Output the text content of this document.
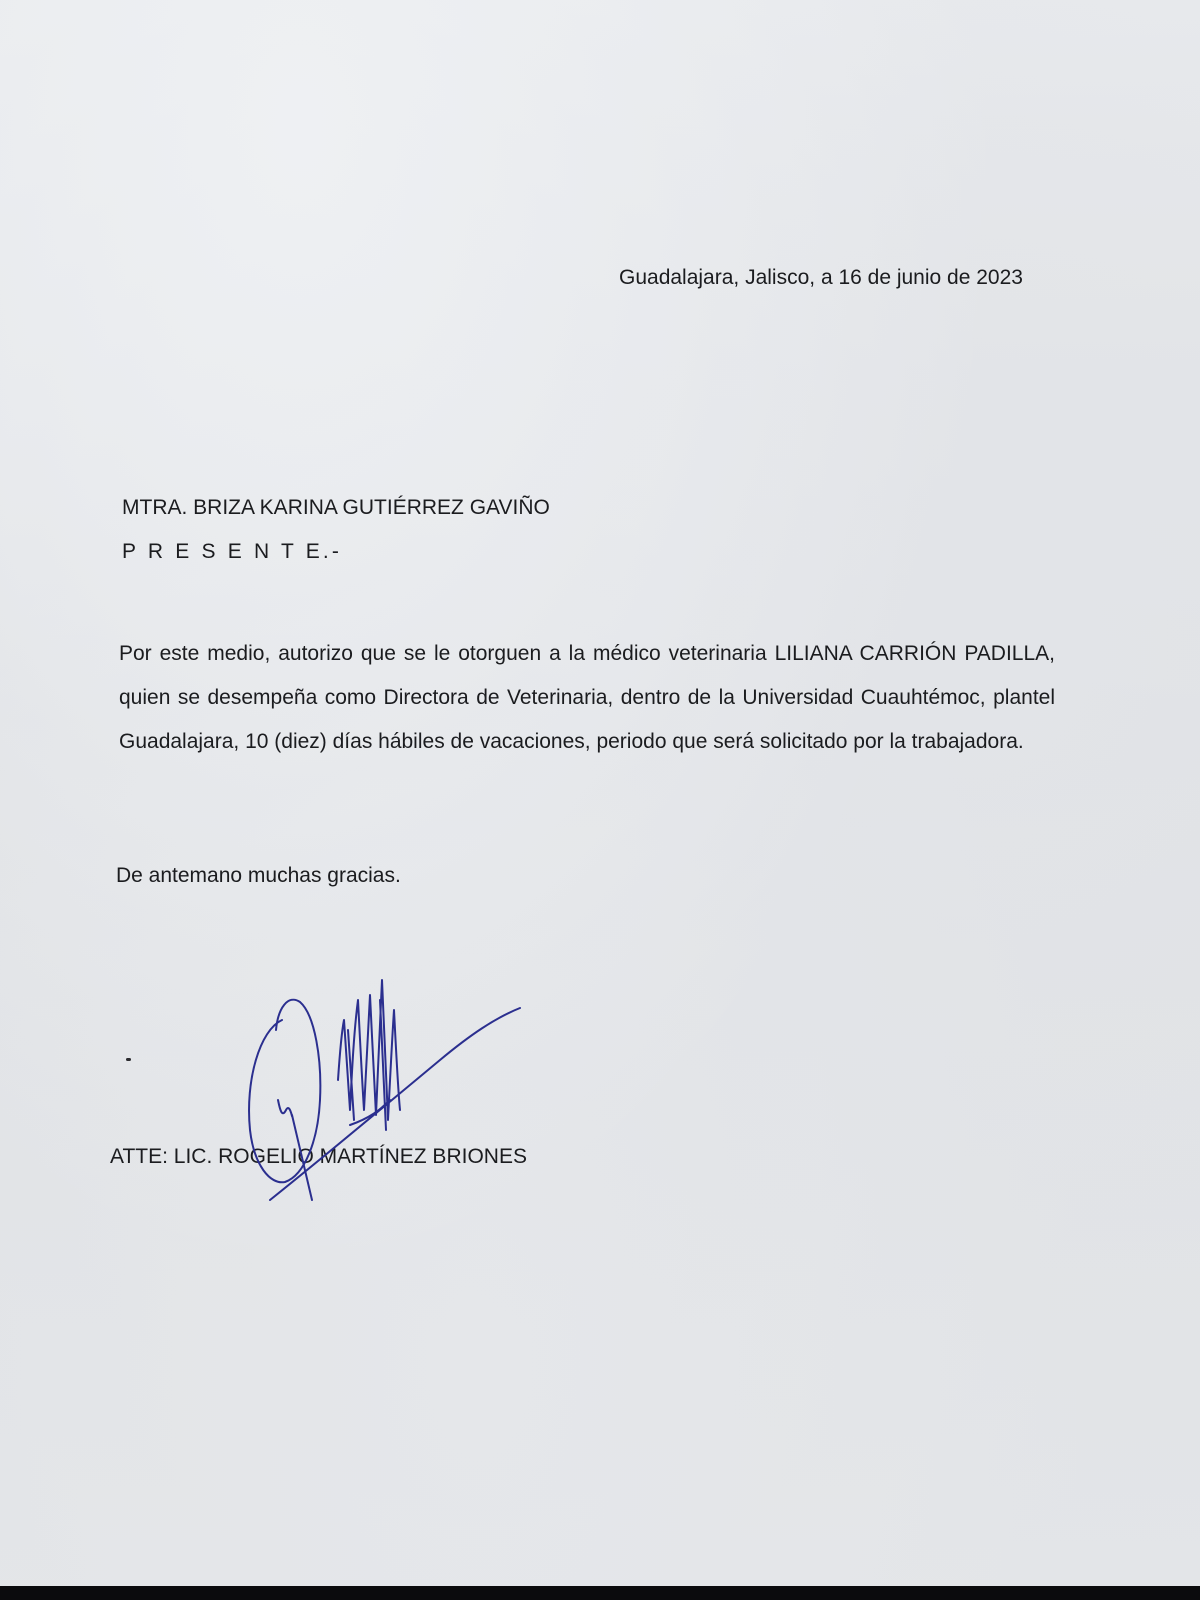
Guadalajara, Jalisco, a 16 de junio de 2023
MTRA. BRIZA KARINA GUTIÉRREZ GAVIÑO
P R E S E N T E.-
Por este medio, autorizo que se le otorguen a la médico veterinaria LILIANA CARRIÓN PADILLA, quien se desempeña como Directora de Veterinaria, dentro de la Universidad Cuauhtémoc, plantel Guadalajara, 10 (diez) días hábiles de vacaciones, periodo que será solicitado por la trabajadora.
De antemano muchas gracias.
ATTE: LIC. ROGELIO MARTÍNEZ BRIONES
